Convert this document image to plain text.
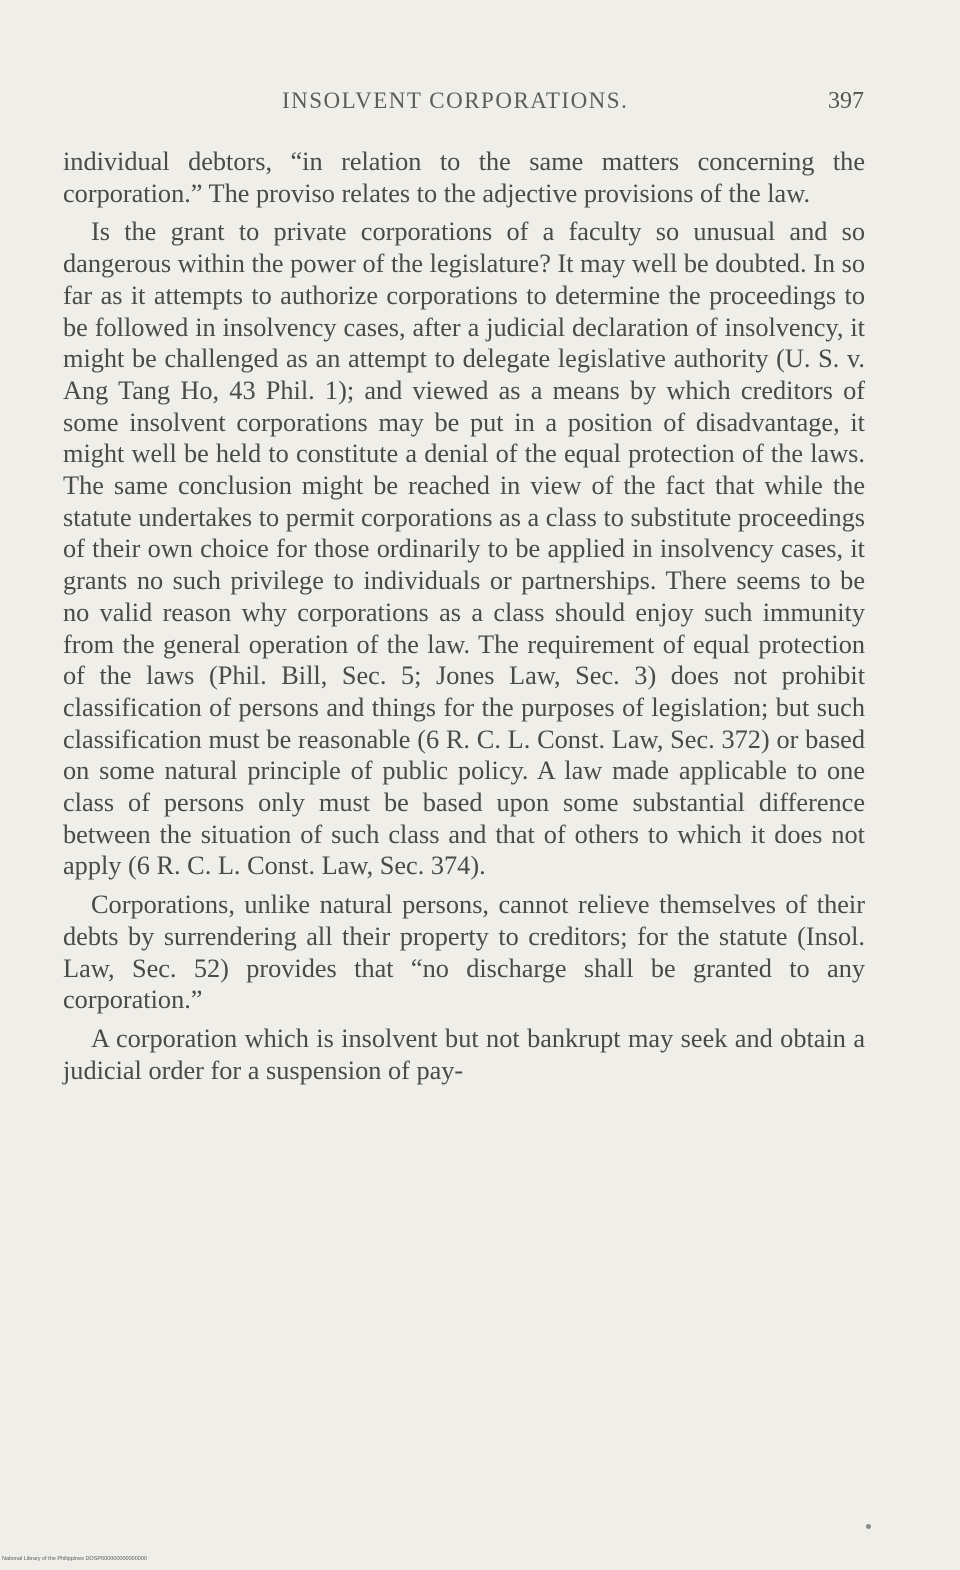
INSOLVENT CORPORATIONS.	397

individual debtors, “in relation to the same matters concerning the corporation.” The proviso relates to the adjective provisions of the law.

Is the grant to private corporations of a faculty so unusual and so dangerous within the power of the legislature? It may well be doubted. In so far as it attempts to authorize corporations to determine the proceedings to be followed in insolvency cases, after a judicial declaration of insolvency, it might be challenged as an attempt to delegate legislative authority (U. S. v. Ang Tang Ho, 43 Phil. 1); and viewed as a means by which creditors of some insolvent corporations may be put in a position of disadvantage, it might well be held to constitute a denial of the equal protection of the laws. The same conclusion might be reached in view of the fact that while the statute undertakes to permit corporations as a class to substitute proceedings of their own choice for those ordinarily to be applied in insolvency cases, it grants no such privilege to individuals or partnerships. There seems to be no valid reason why corporations as a class should enjoy such immunity from the general operation of the law. The requirement of equal protection of the laws (Phil. Bill, Sec. 5; Jones Law, Sec. 3) does not prohibit classification of persons and things for the purposes of legislation; but such classification must be reasonable (6 R. C. L. Const. Law, Sec. 372) or based on some natural principle of public policy. A law made applicable to one class of persons only must be based upon some substantial difference between the situation of such class and that of others to which it does not apply (6 R. C. L. Const. Law, Sec. 374).

Corporations, unlike natural persons, cannot relieve themselves of their debts by surrendering all their property to creditors; for the statute (Insol. Law, Sec. 52) provides that “no discharge shall be granted to any corporation.”

A corporation which is insolvent but not bankrupt may seek and obtain a judicial order for a suspension of pay-

National Library of the Philippines DOSP000000000000000
